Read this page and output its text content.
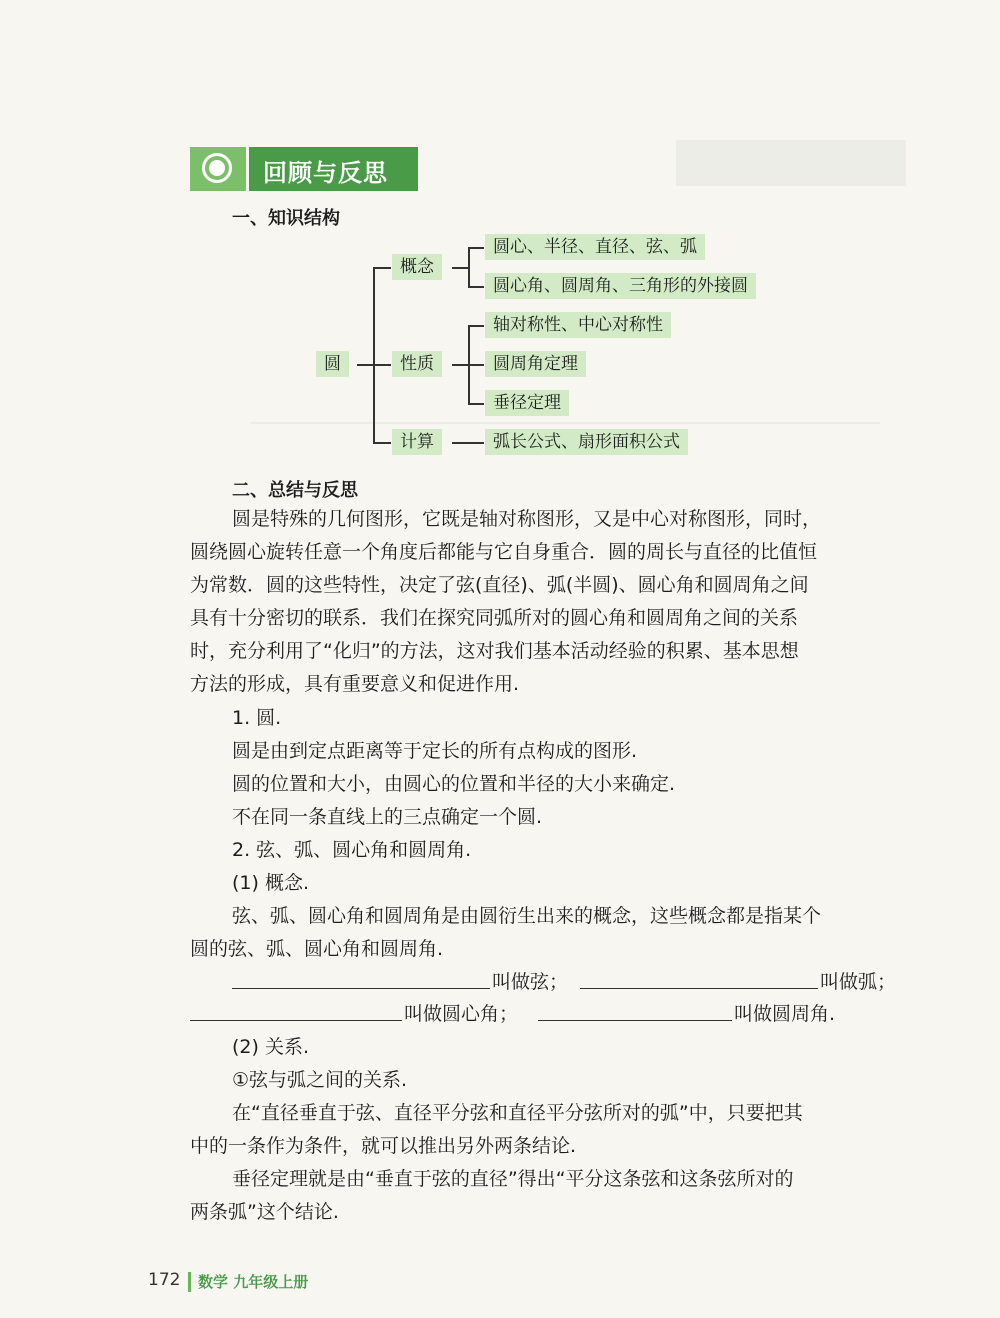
回顾与反思
一、知识结构
圆
概念
性质
计算
圆心、半径、直径、弦、弧
圆心角、圆周角、三角形的外接圆
轴对称性、中心对称性
圆周角定理
垂径定理
弧长公式、扇形面积公式
二、总结与反思
圆是特殊的几何图形，它既是轴对称图形，又是中心对称图形，同时，
圆绕圆心旋转任意一个角度后都能与它自身重合．圆的周长与直径的比值恒
为常数．圆的这些特性，决定了弦(直径)、弧(半圆)、圆心角和圆周角之间
具有十分密切的联系．我们在探究同弧所对的圆心角和圆周角之间的关系
时，充分利用了“化归”的方法，这对我们基本活动经验的积累、基本思想
方法的形成，具有重要意义和促进作用.
1. 圆.
圆是由到定点距离等于定长的所有点构成的图形.
圆的位置和大小，由圆心的位置和半径的大小来确定.
不在同一条直线上的三点确定一个圆.
2. 弦、弧、圆心角和圆周角.
(1) 概念.
弦、弧、圆心角和圆周角是由圆衍生出来的概念，这些概念都是指某个
圆的弦、弧、圆心角和圆周角.
叫做弦；	叫做弧；
叫做圆心角；	叫做圆周角.
(2) 关系.
①弦与弧之间的关系.
在“直径垂直于弦、直径平分弦和直径平分弦所对的弧”中，只要把其
中的一条作为条件，就可以推出另外两条结论.
垂径定理就是由“垂直于弦的直径”得出“平分这条弦和这条弦所对的
两条弧”这个结论.
172 数学 九年级上册
